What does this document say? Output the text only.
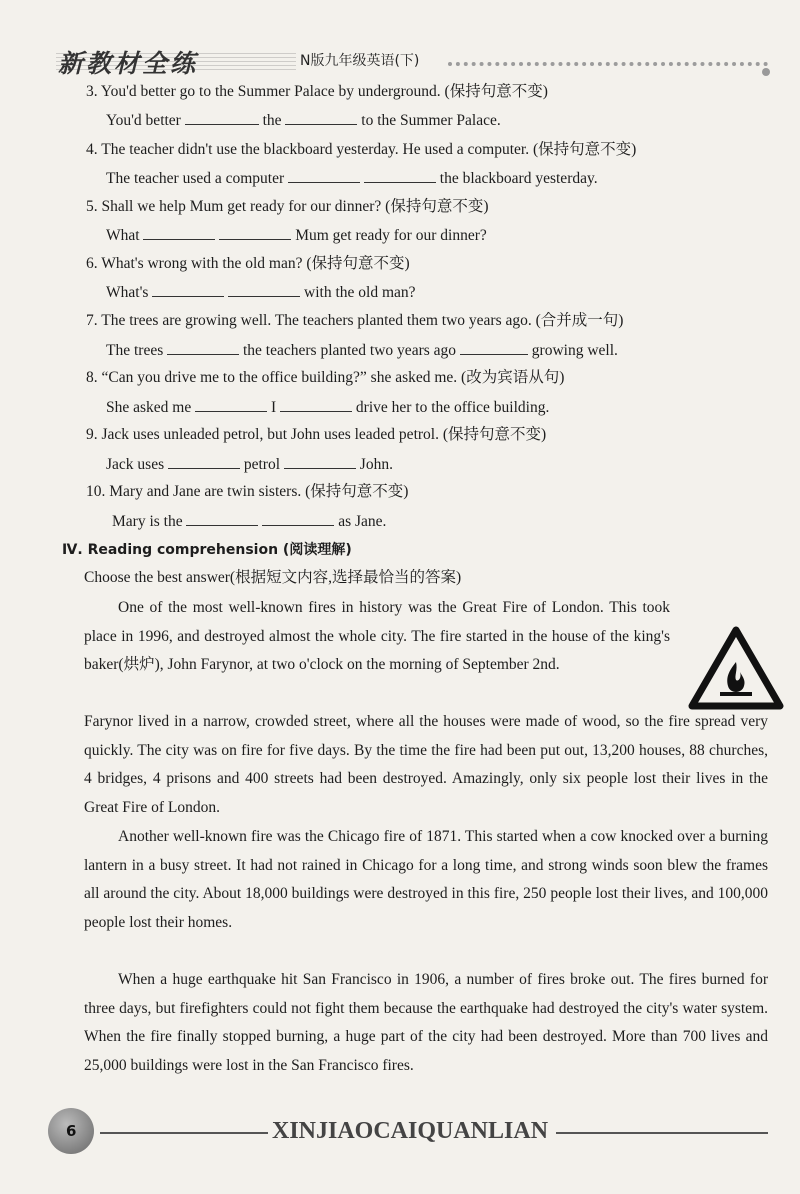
新教材全练	N版九年级英语(下)
3. You'd better go to the Summer Palace by underground. (保持句意不变)
You'd better	the	to the Summer Palace.
4. The teacher didn't use the blackboard yesterday. He used a computer. (保持句意不变)
The teacher used a computer	the blackboard yesterday.
5. Shall we help Mum get ready for our dinner? (保持句意不变)
What	Mum get ready for our dinner?
6. What's wrong with the old man? (保持句意不变)
What's	with the old man?
7. The trees are growing well. The teachers planted them two years ago. (合并成一句)
The trees	the teachers planted two years ago	growing well.
8. “Can you drive me to the office building?” she asked me. (改为宾语从句)
She asked me	I	drive her to the office building.
9. Jack uses unleaded petrol, but John uses leaded petrol. (保持句意不变)
Jack uses	petrol	John.
10. Mary and Jane are twin sisters. (保持句意不变)
Mary is the	as Jane.
Ⅳ. Reading comprehension (阅读理解)
Choose the best answer(根据短文内容,选择最恰当的答案)
One of the most well-known fires in history was the Great Fire of London. This took place in 1996, and destroyed almost the whole city. The fire started in the house of the king's baker(烘炉), John Farynor, at two o'clock on the morning of September 2nd.
Farynor lived in a narrow, crowded street, where all the houses were made of wood, so the fire spread very quickly. The city was on fire for five days. By the time the fire had been put out, 13,200 houses, 88 churches, 4 bridges, 4 prisons and 400 streets had been destroyed. Amazingly, only six people lost their lives in the Great Fire of London.
Another well-known fire was the Chicago fire of 1871. This started when a cow knocked over a burning lantern in a busy street. It had not rained in Chicago for a long time, and strong winds soon blew the frames all around the city. About 18,000 buildings were destroyed in this fire, 250 people lost their lives, and 100,000 people lost their homes.
When a huge earthquake hit San Francisco in 1906, a number of fires broke out. The fires burned for three days, but firefighters could not fight them because the earthquake had destroyed the city's water system. When the fire finally stopped burning, a huge part of the city had been destroyed. More than 700 lives and 25,000 buildings were lost in the San Francisco fires.
6	XINJIAOCAIQUANLIAN
